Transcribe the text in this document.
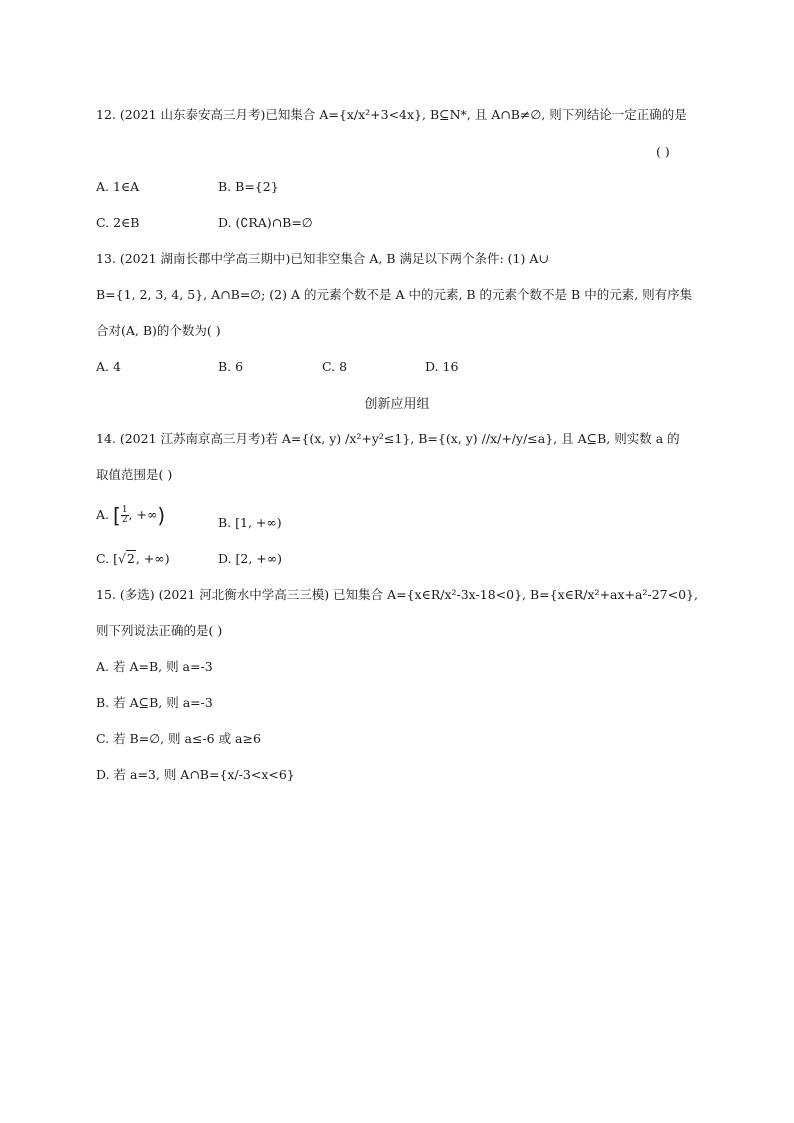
12. (2021 山东泰安高三月考)已知集合 A={x/x²+3<4x}, B⊆N*, 且 A∩B≠∅, 则下列结论一定正确的是
( )
A. 1∈A	B. B={2}
C. 2∈B	D. (∁RA)∩B=∅
13. (2021 湖南长郡中学高三期中)已知非空集合 A, B 满足以下两个条件: (1) A∪
B={1, 2, 3, 4, 5}, A∩B=∅; (2) A 的元素个数不是 A 中的元素, B 的元素个数不是 B 中的元素, 则有序集
合对(A, B)的个数为( )
A. 4	B. 6	C. 8	D. 16
创新应用组
14. (2021 江苏南京高三月考)若 A={(x, y) /x²+y²≤1}, B={(x, y) //x/+/y/≤a}, 且 A⊆B, 则实数 a 的
取值范围是( )
A. [ $\frac{1}{2}$ , +∞)	B. [1, +∞)
C. [√2, +∞)	D. [2, +∞)
15. (多选) (2021 河北衡水中学高三三模) 已知集合 A={x∈R/x²-3x-18<0}, B={x∈R/x²+ax+a²-27<0},
则下列说法正确的是( )
A. 若 A=B, 则 a=-3
B. 若 A⊆B, 则 a=-3
C. 若 B=∅, 则 a≤-6 或 a≥6
D. 若 a=3, 则 A∩B={x/-3<x<6}
